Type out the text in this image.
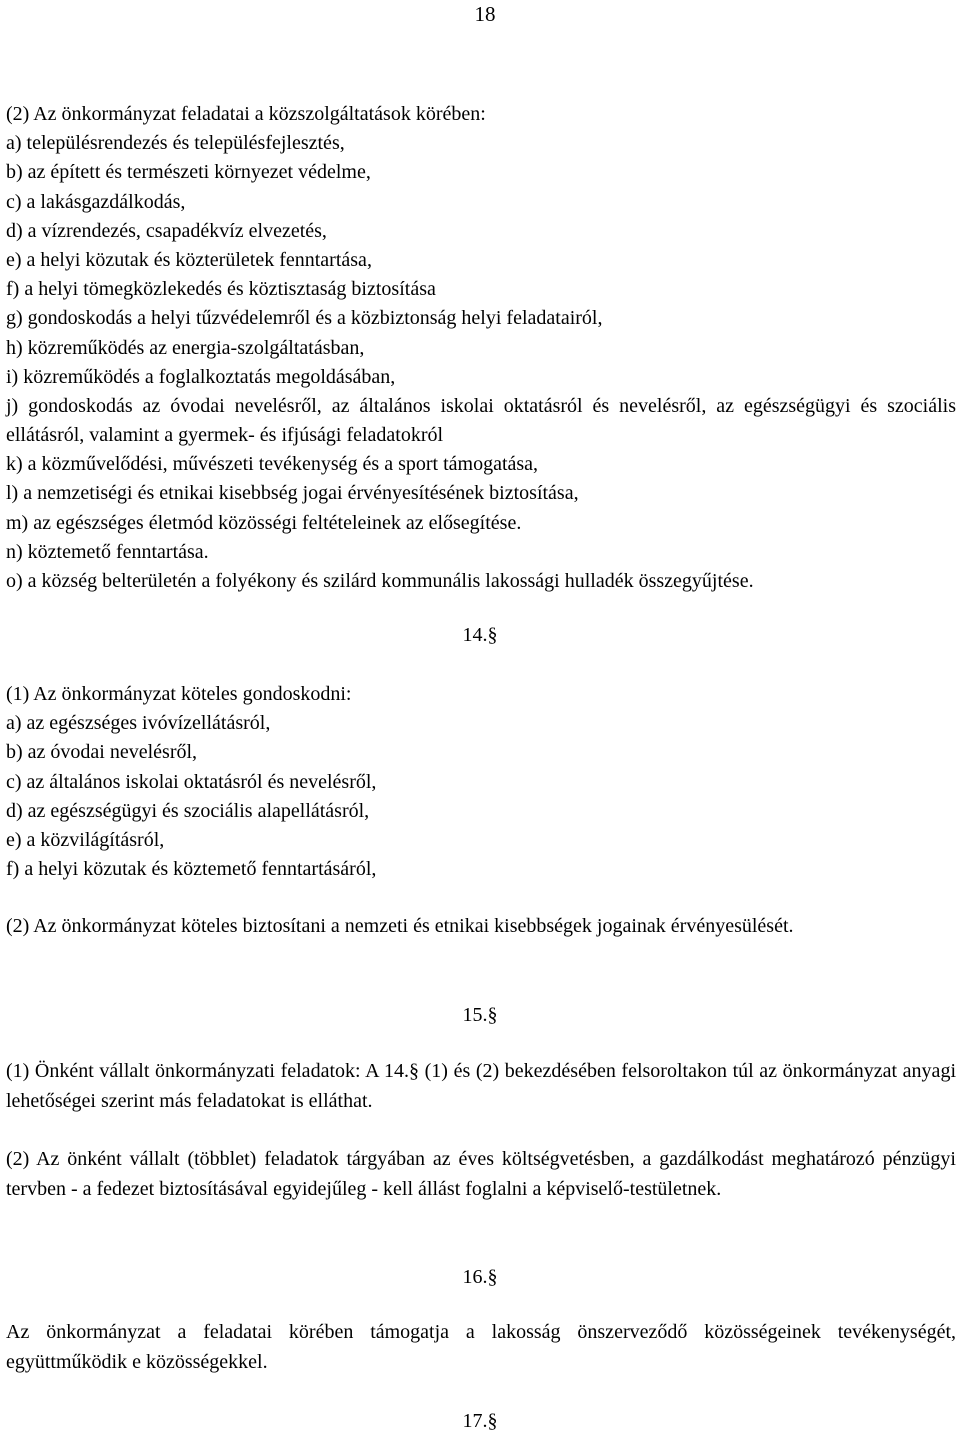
18
(2) Az önkormányzat feladatai a közszolgáltatások körében:
a) településrendezés és településfejlesztés,
b) az épített és természeti környezet védelme,
c) a lakásgazdálkodás,
d) a vízrendezés, csapadékvíz elvezetés,
e) a helyi közutak és közterületek fenntartása,
f) a helyi tömegközlekedés és köztisztaság biztosítása
g) gondoskodás a helyi tűzvédelemről és a közbiztonság helyi feladatairól,
h) közreműködés az energia-szolgáltatásban,
i) közreműködés a foglalkoztatás megoldásában,
j) gondoskodás az óvodai nevelésről, az általános iskolai oktatásról és nevelésről, az egészségügyi és szociális ellátásról, valamint a gyermek- és ifjúsági feladatokról
k) a közművelődési, művészeti tevékenység és a sport támogatása,
l) a nemzetiségi és etnikai kisebbség jogai érvényesítésének biztosítása,
m) az egészséges életmód közösségi feltételeinek az elősegítése.
n) köztemető fenntartása.
o) a község belterületén a folyékony és szilárd kommunális lakossági hulladék összegyűjtése.
14.§
(1) Az önkormányzat köteles gondoskodni:
a) az egészséges ivóvízellátásról,
b) az óvodai nevelésről,
c) az általános iskolai oktatásról és nevelésről,
d) az egészségügyi és szociális alapellátásról,
e) a közvilágításról,
f) a helyi közutak és köztemető fenntartásáról,

(2) Az önkormányzat köteles biztosítani a nemzeti és etnikai kisebbségek jogainak érvényesülését.

15.§

(1) Önként vállalt önkormányzati feladatok: A 14.§ (1) és (2) bekezdésében felsoroltakon túl az önkormányzat anyagi lehetőségei szerint más feladatokat is elláthat.

(2) Az önként vállalt (többlet) feladatok tárgyában az éves költségvetésben, a gazdálkodást meghatározó pénzügyi tervben - a fedezet biztosításával egyidejűleg - kell állást foglalni a képviselő-testületnek.

16.§

Az önkormányzat a feladatai körében támogatja a lakosság önszerveződő közösségeinek tevékenységét, együttműködik e közösségekkel.

17.§
